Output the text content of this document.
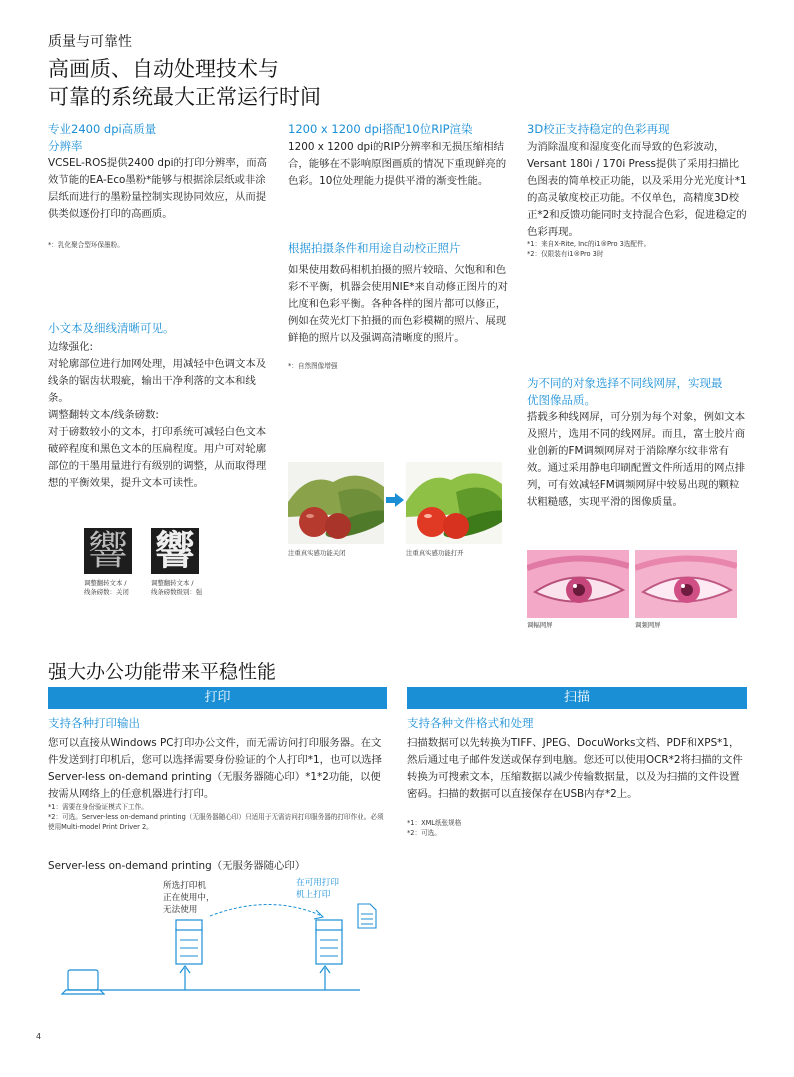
质量与可靠性
高画质、自动处理技术与
可靠的系统最大正常运行时间
专业2400 dpi高质量
分辨率
VCSEL-ROS提供2400 dpi的打印分辨率，而高效节能的EA-Eco墨粉*能够与根据涂层纸或非涂层纸而进行的墨粉量控制实现协同效应，从而提供类似逐份打印的高画质。
*：乳化聚合型环保墨粉。
小文本及细线清晰可见。
边缘强化:
对轮廓部位进行加网处理，用减轻中色调文本及线条的锯齿状瑕疵，输出干净利落的文本和线条。
调整翻转文本/线条磅数:
对于磅数较小的文本，打印系统可减轻白色文本破碎程度和黑色文本的压扁程度。用户可对轮廓部位的干墨用量进行有级别的调整，从而取得理想的平衡效果，提升文本可读性。
響 響
调整翻转文本 /
线条磅数：关闭
调整翻转文本 /
线条磅数级别：强
1200 x 1200 dpi搭配10位RIP渲染
1200 x 1200 dpi的RIP分辨率和无损压缩相结合，能够在不影响原图画质的情况下重现鲜亮的色彩。10位处理能力提供平滑的渐变性能。
根据拍摄条件和用途自动校正照片
如果使用数码相机拍摄的照片较暗、欠饱和和色彩不平衡，机器会使用NIE*来自动修正图片的对比度和色彩平衡。各种各样的图片都可以修正，例如在荧光灯下拍摄的而色彩模糊的照片、展现鲜艳的照片以及强调高清晰度的照片。
*：自然图像增强
注重真实感功能关闭	注重真实感功能打开
3D校正支持稳定的色彩再现
为消除温度和湿度变化而导致的色彩波动，Versant 180i / 170i Press提供了采用扫描比色图表的简单校正功能，以及采用分光光度计*1的高灵敏度校正功能。不仅单色，高精度3D校正*2和反馈功能同时支持混合色彩，促进稳定的色彩再现。
*1：来自X-Rite, Inc的i1®Pro 3选配件。
*2：仅限装有i1®Pro 3时
为不同的对象选择不同线网屏，实现最
优图像品质。
搭载多种线网屏，可分别为每个对象，例如文本及照片，选用不同的线网屏。而且，富士胶片商业创新的FM调频网屏对于消除摩尔纹非常有效。通过采用静电印刷配置文件所适用的网点排列，可有效减轻FM调频网屏中较易出现的颗粒状粗糙感，实现平滑的图像质量。
调幅网屏	调频网屏
强大办公功能带来平稳性能
打印	扫描
支持各种打印输出
您可以直接从Windows PC打印办公文件，而无需访问打印服务器。在文件发送到打印机后，您可以选择需要身份验证的个人打印*1，也可以选择Server-less on-demand printing（无服务器随心印）*1*2功能，以便按需从网络上的任意机器进行打印。
*1：需要在身份验证模式下工作。
*2：可选。Server-less on-demand printing（无服务器随心印）只适用于无需访问打印服务器的打印作业。必须使用Multi-model Print Driver 2。
支持各种文件格式和处理
扫描数据可以先转换为TIFF、JPEG、DocuWorks文档、PDF和XPS*1，然后通过电子邮件发送或保存到电脑。您还可以使用OCR*2将扫描的文件转换为可搜索文本，压缩数据以减少传输数据量，以及为扫描的文件设置密码。扫描的数据可以直接保存在USB内存*2上。
*1：XML纸张规格
*2：可选。
Server-less on-demand printing（无服务器随心印）
所选打印机
正在使用中，
无法使用
在可用打印
机上打印
4
